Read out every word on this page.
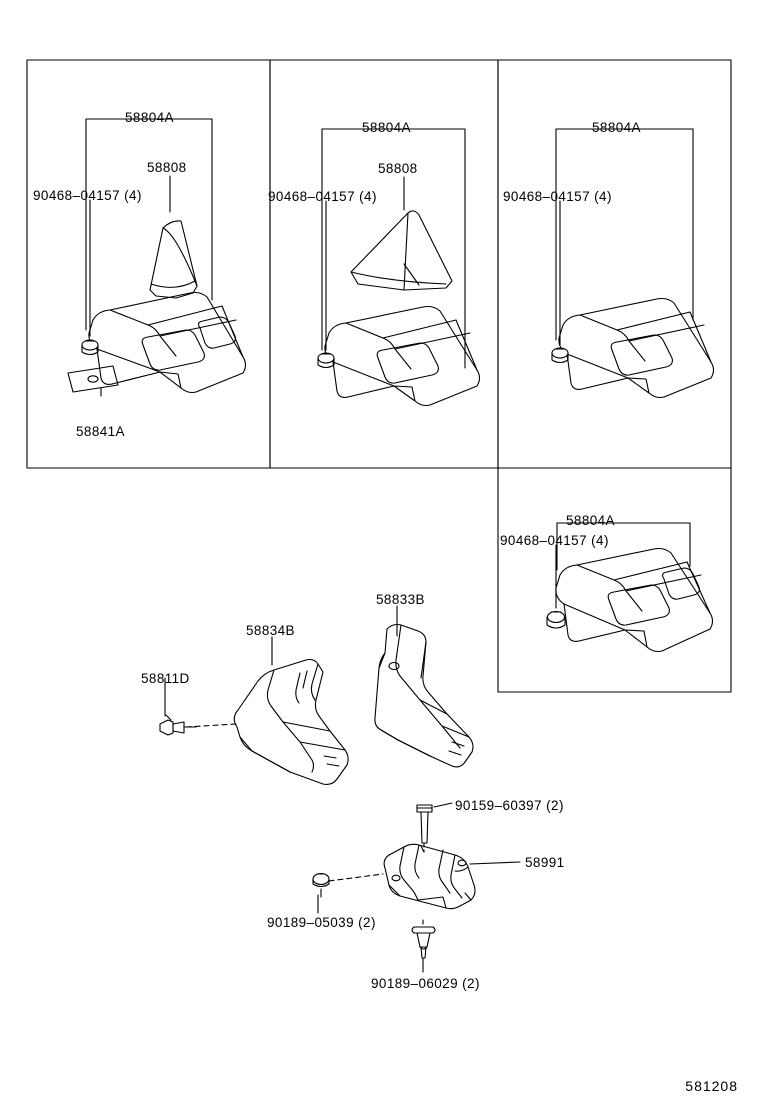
58804A
58808
90468–04157 (4)
58841A
58804A
58808
90468–04157 (4)
58804A
90468–04157 (4)
58804A
90468–04157 (4)
58833B
58834B
58811D
90159–60397 (2)
58991
90189–05039 (2)
90189–06029 (2)
581208
